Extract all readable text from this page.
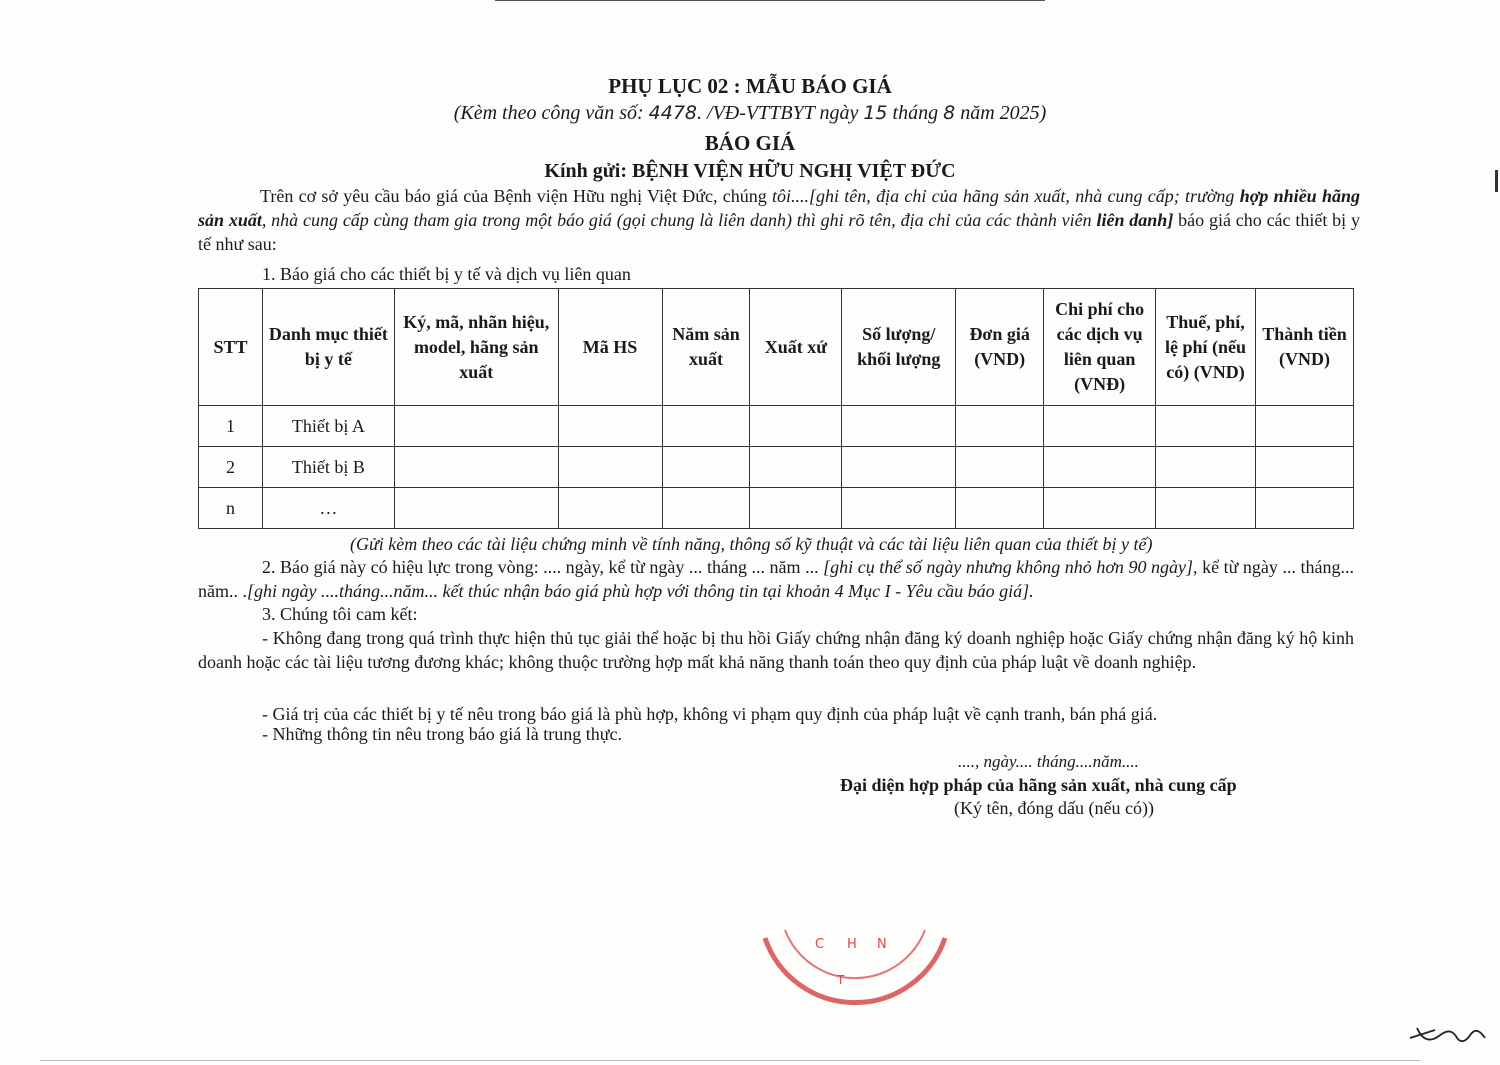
PHỤ LỤC 02 : MẪU BÁO GIÁ
(Kèm theo công văn số: 4478. /VĐ-VTTBYT ngày 15 tháng 8 năm 2025)
BÁO GIÁ
Kính gửi: BỆNH VIỆN HỮU NGHỊ VIỆT ĐỨC
Trên cơ sở yêu cầu báo giá của Bệnh viện Hữu nghị Việt Đức, chúng tôi....[ghi tên, địa chỉ của hãng sản xuất, nhà cung cấp; trường hợp nhiều hãng sản xuất, nhà cung cấp cùng tham gia trong một báo giá (gọi chung là liên danh) thì ghi rõ tên, địa chỉ của các thành viên liên danh] báo giá cho các thiết bị y tế như sau:
1. Báo giá cho các thiết bị y tế và dịch vụ liên quan
STT	Danh mục thiết bị y tế	Ký, mã, nhãn hiệu, model, hãng sản xuất	Mã HS	Năm sản xuất	Xuất xứ	Số lượng/ khối lượng	Đơn giá (VND)	Chi phí cho các dịch vụ liên quan (VNĐ)	Thuế, phí, lệ phí (nếu có) (VND)	Thành tiền (VND)
1	Thiết bị A									
2	Thiết bị B									
n	…									
(Gửi kèm theo các tài liệu chứng minh về tính năng, thông số kỹ thuật và các tài liệu liên quan của thiết bị y tế)
2. Báo giá này có hiệu lực trong vòng: .... ngày, kể từ ngày ... tháng ... năm ... [ghi cụ thể số ngày nhưng không nhỏ hơn 90 ngày], kể từ ngày ... tháng... năm.. .[ghi ngày ....tháng...năm... kết thúc nhận báo giá phù hợp với thông tin tại khoản 4 Mục I - Yêu cầu báo giá].
3. Chúng tôi cam kết:
- Không đang trong quá trình thực hiện thủ tục giải thể hoặc bị thu hồi Giấy chứng nhận đăng ký doanh nghiệp hoặc Giấy chứng nhận đăng ký hộ kinh doanh hoặc các tài liệu tương đương khác; không thuộc trường hợp mất khả năng thanh toán theo quy định của pháp luật về doanh nghiệp.
- Giá trị của các thiết bị y tế nêu trong báo giá là phù hợp, không vi phạm quy định của pháp luật về cạnh tranh, bán phá giá.
- Những thông tin nêu trong báo giá là trung thực.
...., ngày.... tháng....năm....
Đại diện hợp pháp của hãng sản xuất, nhà cung cấp
(Ký tên, đóng dấu (nếu có))
C H N
T
